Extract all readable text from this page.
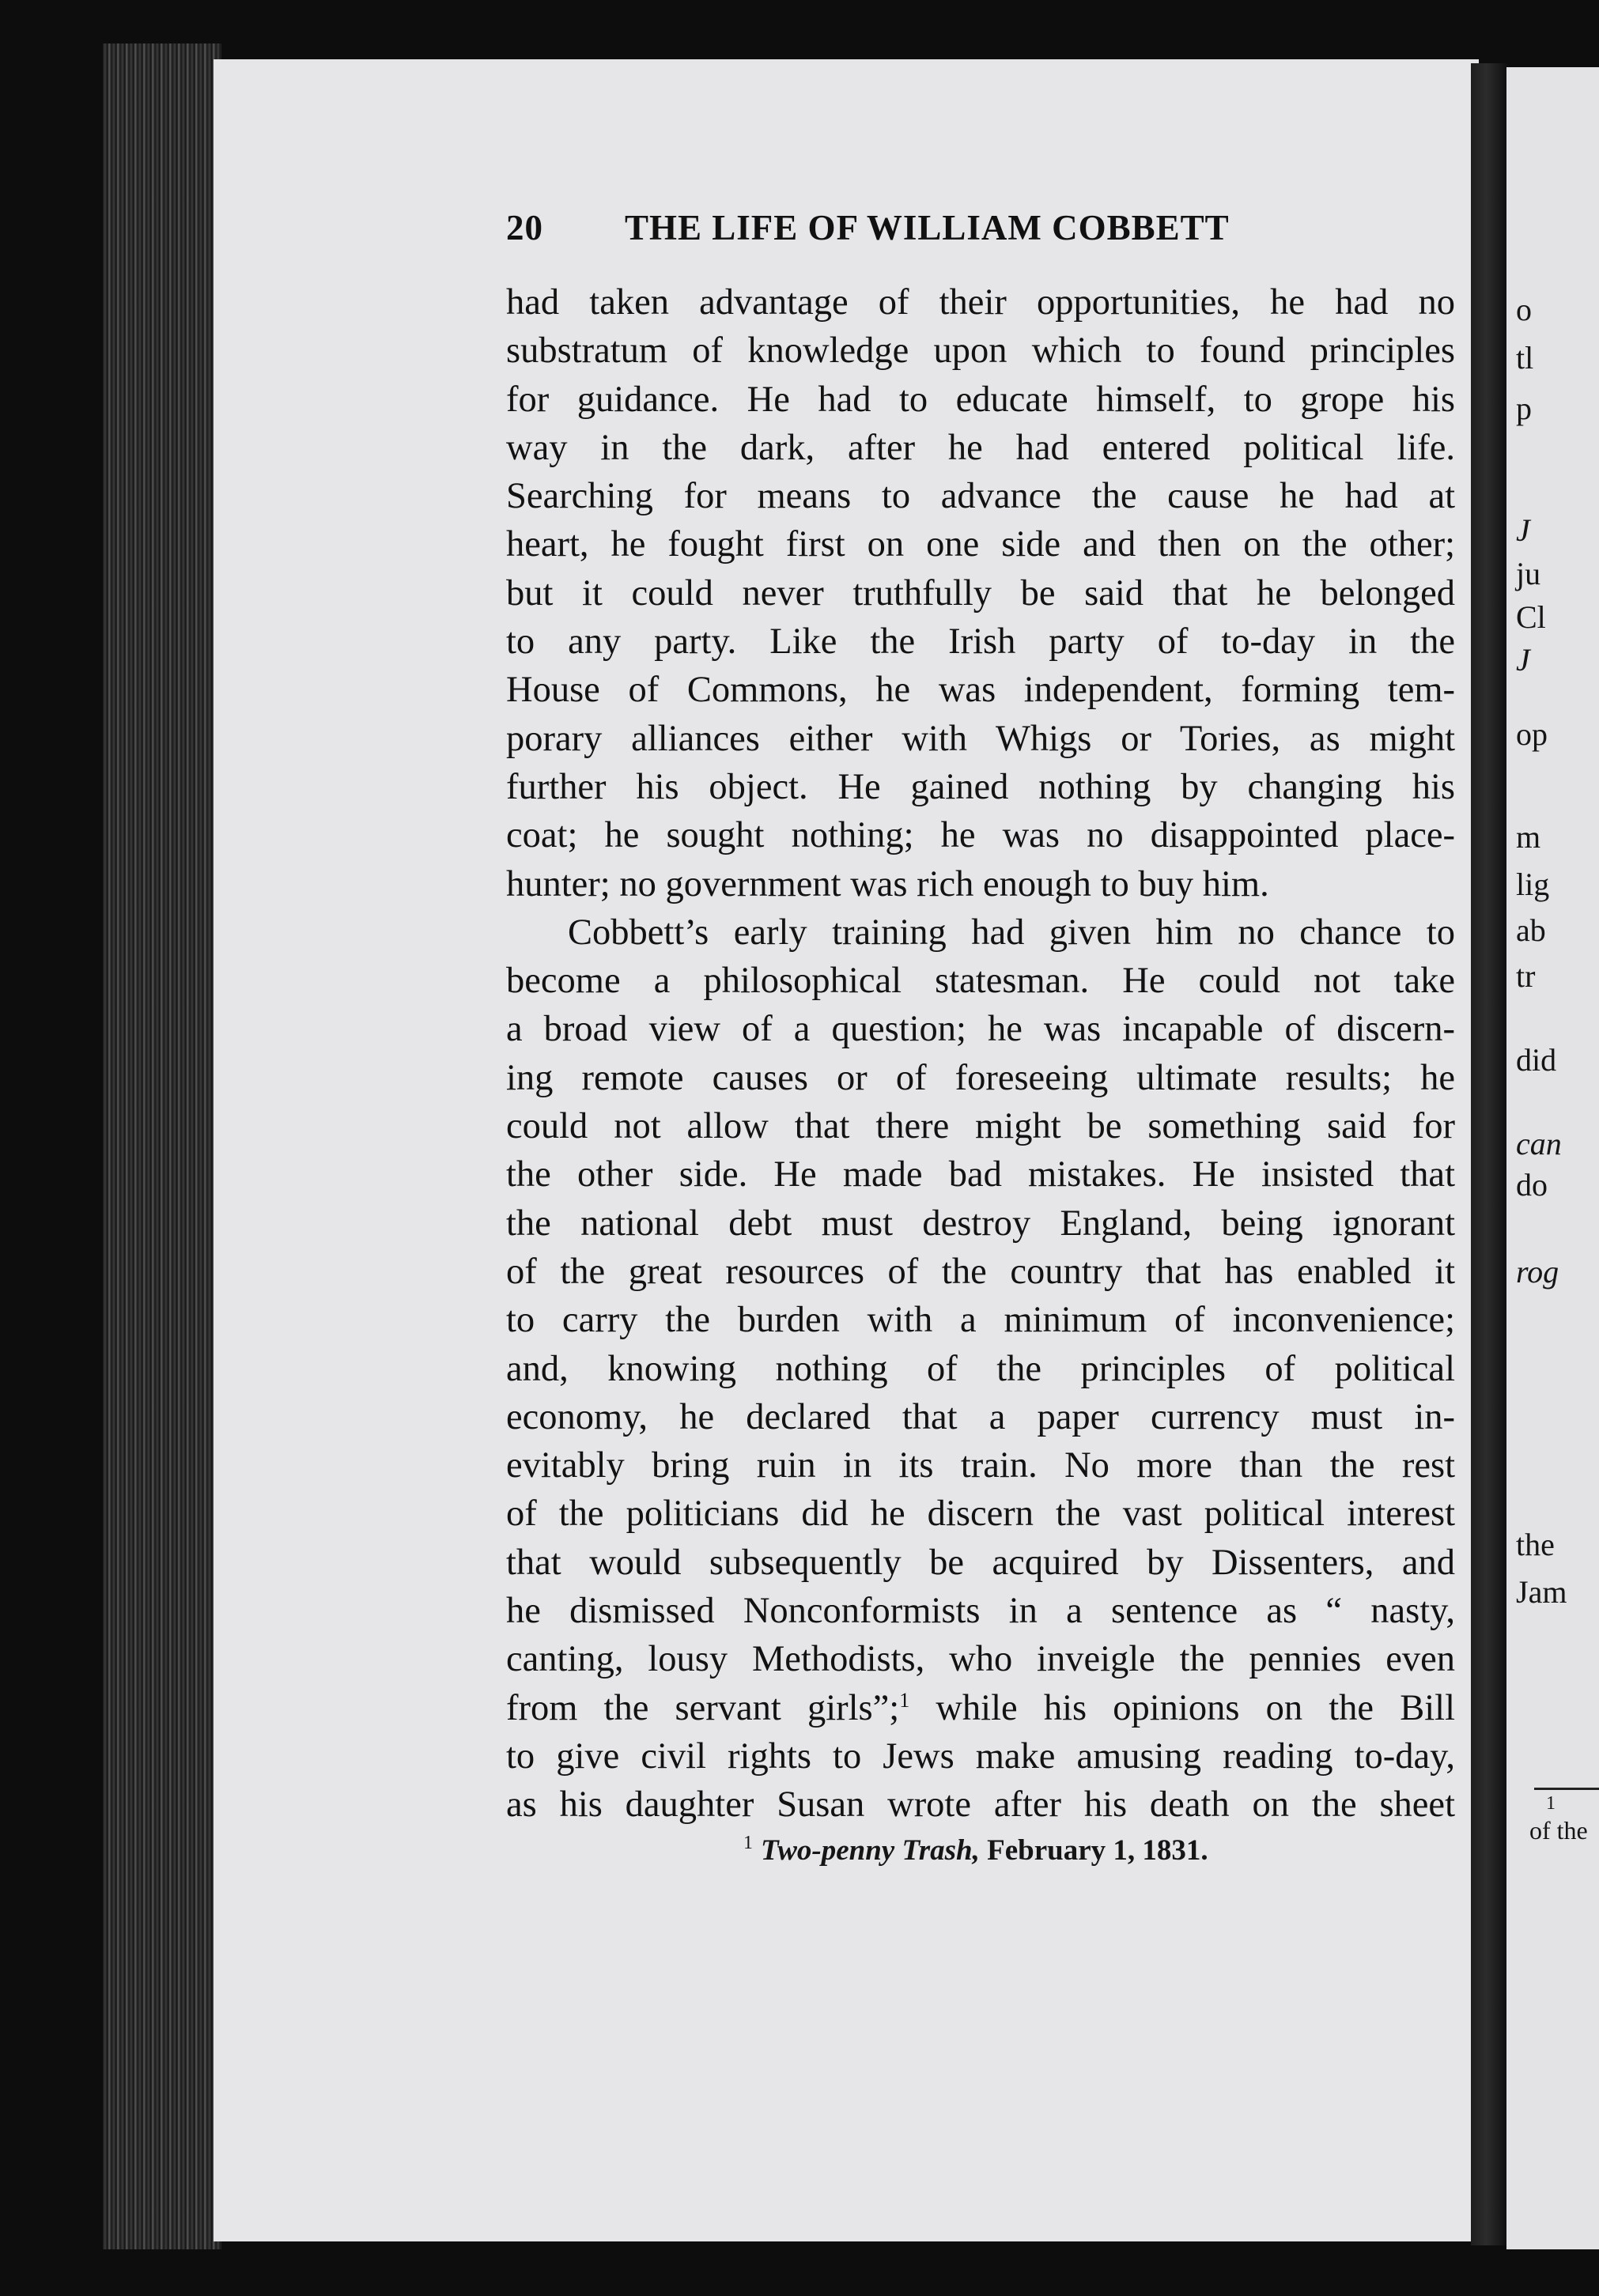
20 THE LIFE OF WILLIAM COBBETT
had taken advantage of their opportunities, he had no
substratum of knowledge upon which to found principles
for guidance. He had to educate himself, to grope his
way in the dark, after he had entered political life.
Searching for means to advance the cause he had at
heart, he fought first on one side and then on the other;
but it could never truthfully be said that he belonged
to any party. Like the Irish party of to-day in the
House of Commons, he was independent, forming tem-
porary alliances either with Whigs or Tories, as might
further his object. He gained nothing by changing his
coat; he sought nothing; he was no disappointed place-
hunter; no government was rich enough to buy him.
Cobbett’s early training had given him no chance to
become a philosophical statesman. He could not take
a broad view of a question; he was incapable of discern-
ing remote causes or of foreseeing ultimate results; he
could not allow that there might be something said for
the other side. He made bad mistakes. He insisted that
the national debt must destroy England, being ignorant
of the great resources of the country that has enabled it
to carry the burden with a minimum of inconvenience;
and, knowing nothing of the principles of political
economy, he declared that a paper currency must in-
evitably bring ruin in its train. No more than the rest
of the politicians did he discern the vast political interest
that would subsequently be acquired by Dissenters, and
he dismissed Nonconformists in a sentence as “ nasty,
canting, lousy Methodists, who inveigle the pennies even
from the servant girls”;$^1$ while his opinions on the Bill
to give civil rights to Jews make amusing reading to-day,
as his daughter Susan wrote after his death on the sheet
$^1$ Two-penny Trash, February 1, 1831.
o
tl
p
J
ju
Cl
J
op
m
lig
ab
tr
did
can
do
rog
the
Jam
1
of the
